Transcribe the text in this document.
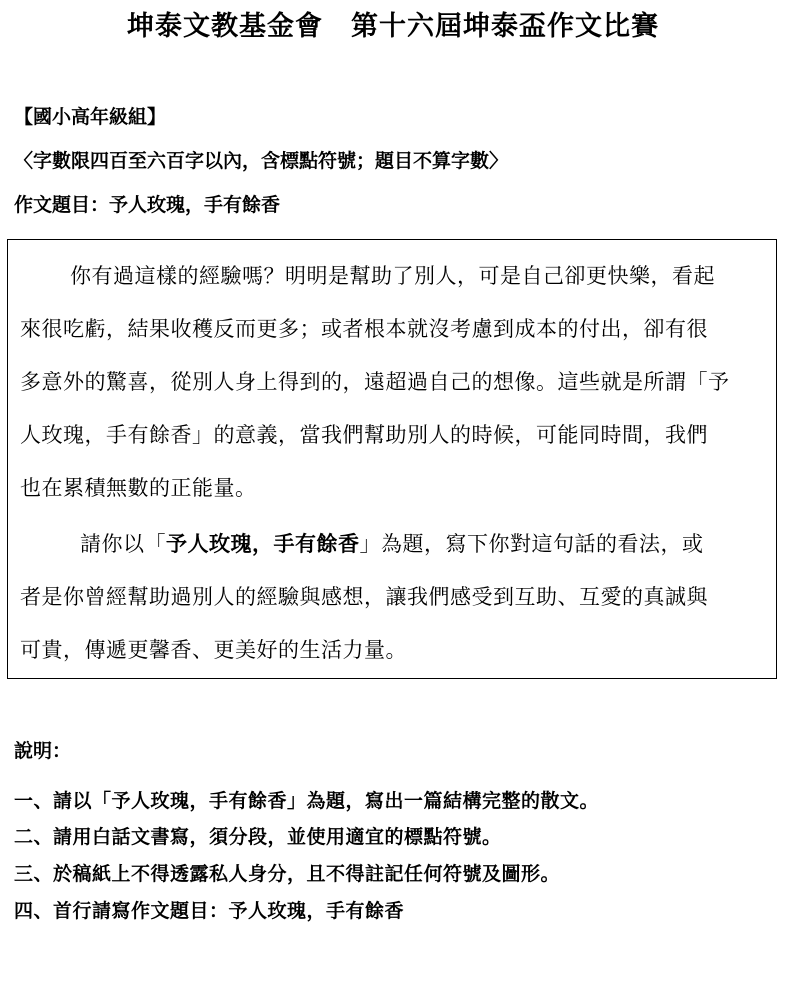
坤泰文教基金會　第十六屆坤泰盃作文比賽
【國小高年級組】
〈字數限四百至六百字以內，含標點符號；題目不算字數〉
作文題目：予人玫瑰，手有餘香
你有過這樣的經驗嗎？明明是幫助了別人，可是自己卻更快樂，看起
來很吃虧，結果收穫反而更多；或者根本就沒考慮到成本的付出，卻有很
多意外的驚喜，從別人身上得到的，遠超過自己的想像。這些就是所謂「予
人玫瑰，手有餘香」的意義，當我們幫助別人的時候，可能同時間，我們
也在累積無數的正能量。
請你以「予人玫瑰，手有餘香」為題，寫下你對這句話的看法，或
者是你曾經幫助過別人的經驗與感想，讓我們感受到互助、互愛的真誠與
可貴，傳遞更馨香、更美好的生活力量。
說明：
一、請以「予人玫瑰，手有餘香」為題，寫出一篇結構完整的散文。
二、請用白話文書寫，須分段，並使用適宜的標點符號。
三、於稿紙上不得透露私人身分，且不得註記任何符號及圖形。
四、首行請寫作文題目：予人玫瑰，手有餘香
